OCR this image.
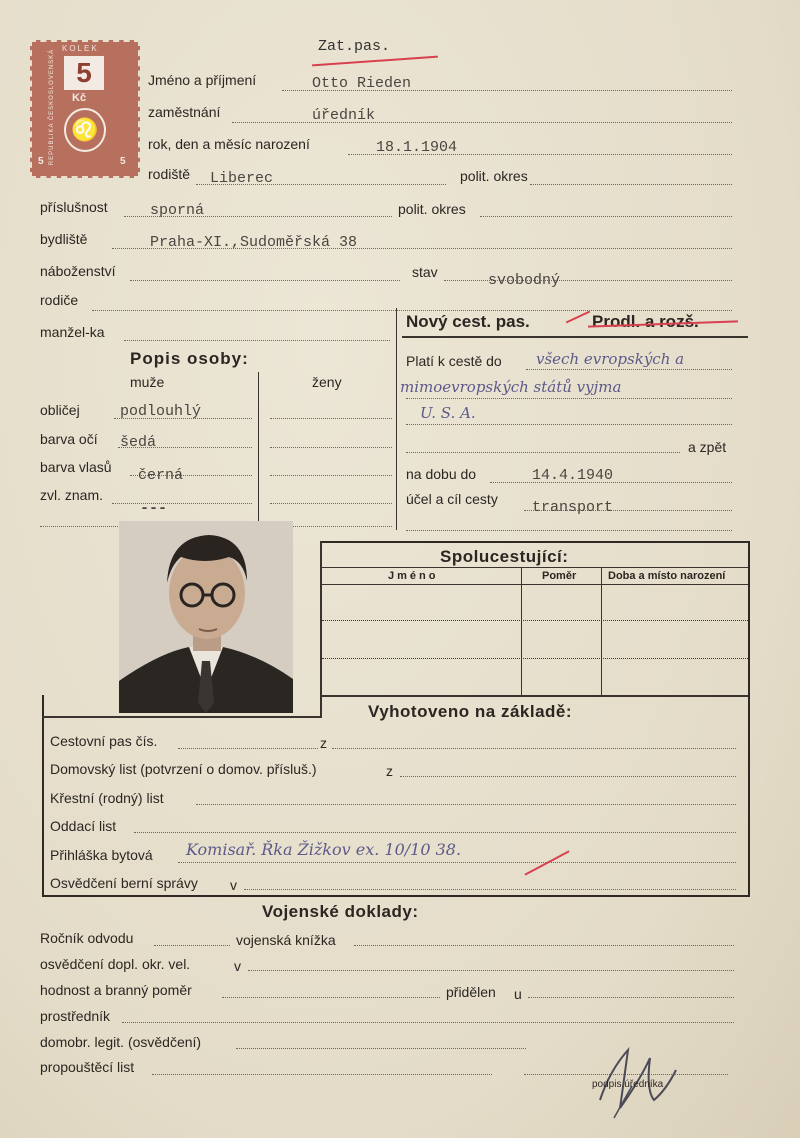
KOLEK
5
Kč
♌
REPUBLIKA ČESKOSLOVENSKÁ
5	5
Zat.pas.
Jméno a příjmení	Otto Rieden
zaměstnání	úředník
rok, den a měsíc narození	18.1.1904
rodiště Liberec	polit. okres
příslušnost	sporná	polit. okres
bydliště	Praha-XI.,Sudoměřská 38
náboženství	stav	svobodný
rodiče
manžel-ka
Popis osoby:
muže	ženy
obličej	podlouhlý
barva očí šedá
barva vlasů černá
zvl. znam.
---
Nový cest. pas.	Prodl. a rozš.
Platí k cestě do všech evropských a
mimoevropských států vyjma
U. S. A.
a zpět
na dobu do	14.4.1940
účel a cíl cesty transport
Spolucestující:
Jméno	Poměr	Doba a místo narození
Vyhotoveno na základě:
Cestovní pas čís.	z
Domovský list (potvrzení o domov. přísluš.)	z
Křestní (rodný) list
Oddací list
Přihláška bytová Komisař. Řka Žižkov ex. 10/10 38.
Osvědčení berní správy v
Vojenské doklady:
Ročník odvodu	vojenská knížka
osvědčení dopl. okr. vel.	v
hodnost a branný poměr	přidělen u
prostředník
domobr. legit. (osvědčení)
propouštěcí list
podpis úředníka
